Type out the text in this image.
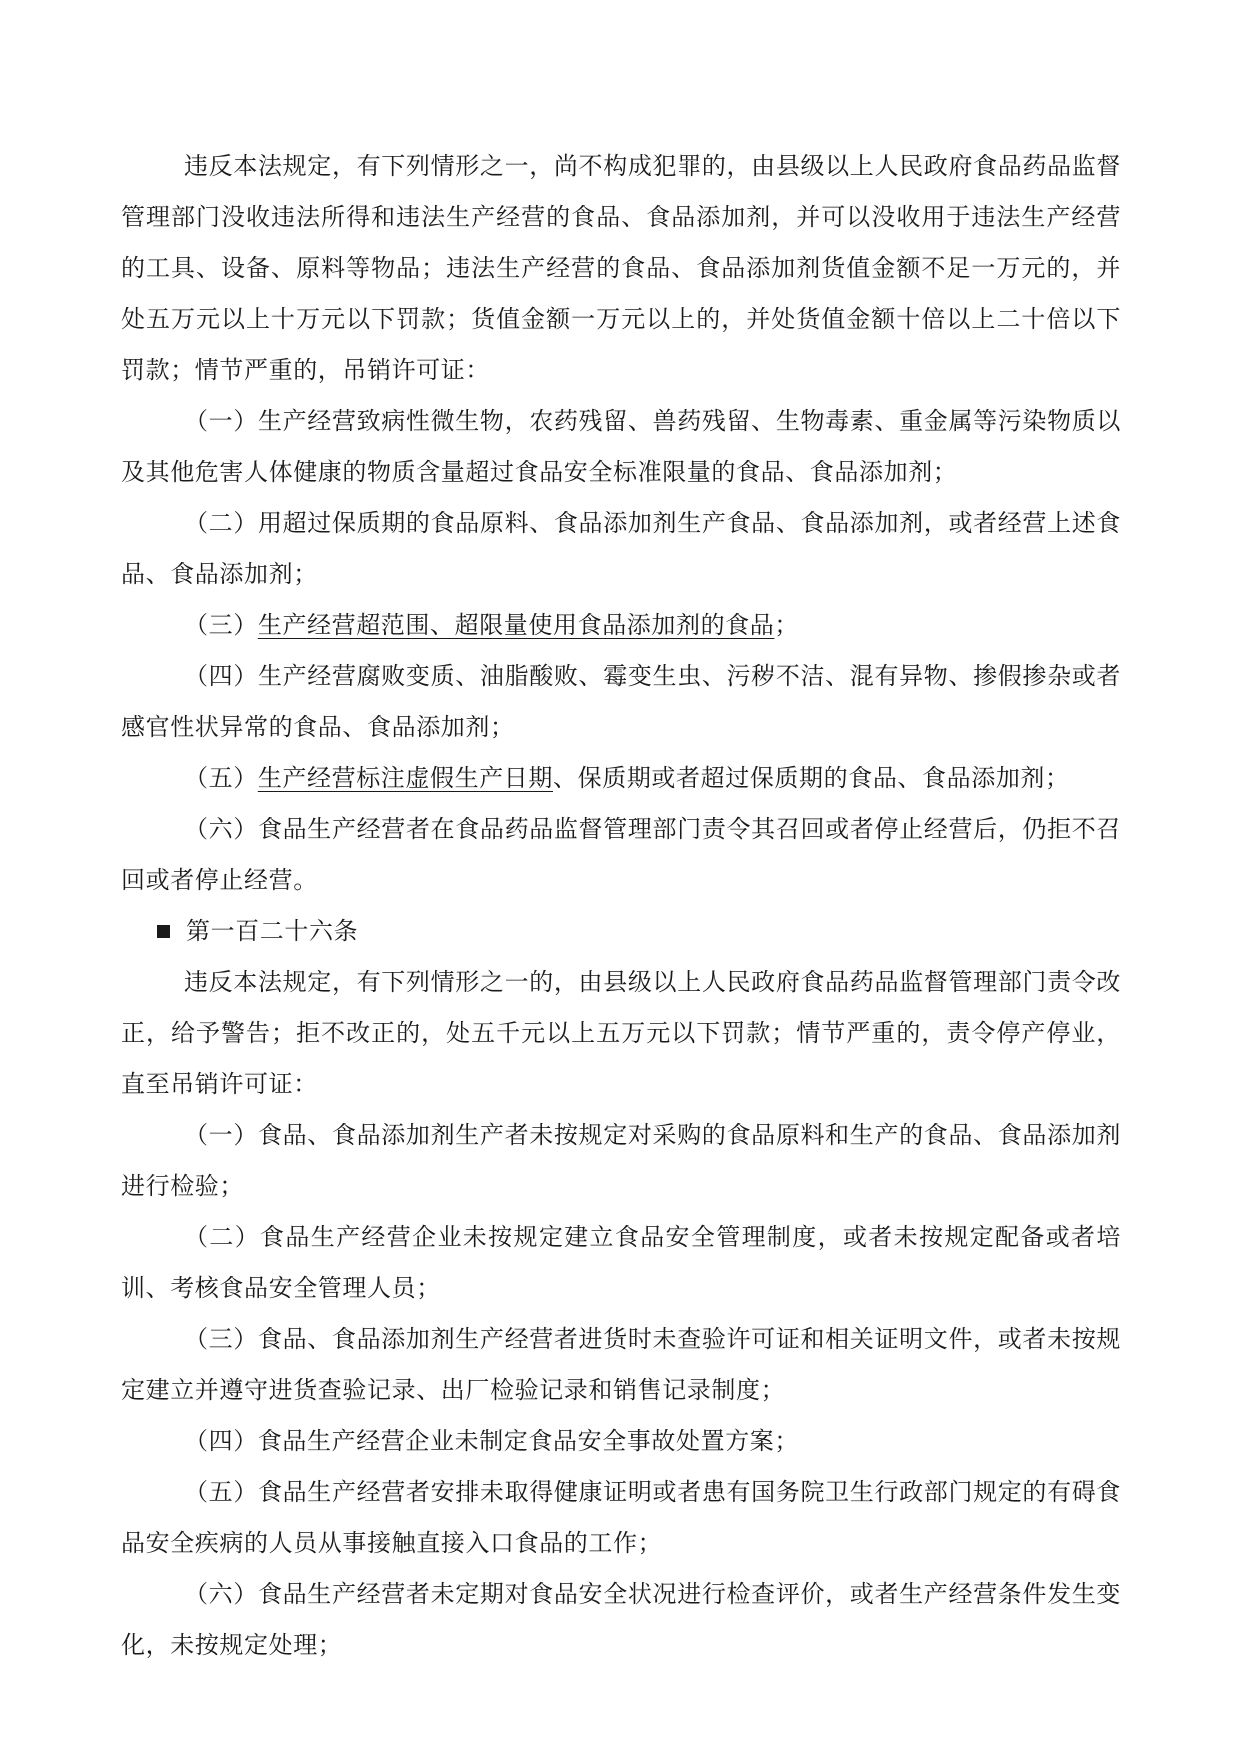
违反本法规定，有下列情形之一，尚不构成犯罪的，由县级以上人民政府食品药品监督管理部门没收违法所得和违法生产经营的食品、食品添加剂，并可以没收用于违法生产经营的工具、设备、原料等物品；违法生产经营的食品、食品添加剂货值金额不足一万元的，并处五万元以上十万元以下罚款；货值金额一万元以上的，并处货值金额十倍以上二十倍以下罚款；情节严重的，吊销许可证：

（一）生产经营致病性微生物，农药残留、兽药残留、生物毒素、重金属等污染物质以及其他危害人体健康的物质含量超过食品安全标准限量的食品、食品添加剂；

（二）用超过保质期的食品原料、食品添加剂生产食品、食品添加剂，或者经营上述食品、食品添加剂；

（三）生产经营超范围、超限量使用食品添加剂的食品；

（四）生产经营腐败变质、油脂酸败、霉变生虫、污秽不洁、混有异物、掺假掺杂或者感官性状异常的食品、食品添加剂；

（五）生产经营标注虚假生产日期、保质期或者超过保质期的食品、食品添加剂；

（六）食品生产经营者在食品药品监督管理部门责令其召回或者停止经营后，仍拒不召回或者停止经营。

第一百二十六条

违反本法规定，有下列情形之一的，由县级以上人民政府食品药品监督管理部门责令改正，给予警告；拒不改正的，处五千元以上五万元以下罚款；情节严重的，责令停产停业，直至吊销许可证：

（一）食品、食品添加剂生产者未按规定对采购的食品原料和生产的食品、食品添加剂进行检验；

（二）食品生产经营企业未按规定建立食品安全管理制度，或者未按规定配备或者培训、考核食品安全管理人员；

（三）食品、食品添加剂生产经营者进货时未查验许可证和相关证明文件，或者未按规定建立并遵守进货查验记录、出厂检验记录和销售记录制度；

（四）食品生产经营企业未制定食品安全事故处置方案；

（五）食品生产经营者安排未取得健康证明或者患有国务院卫生行政部门规定的有碍食品安全疾病的人员从事接触直接入口食品的工作；

（六）食品生产经营者未定期对食品安全状况进行检查评价，或者生产经营条件发生变化，未按规定处理；
